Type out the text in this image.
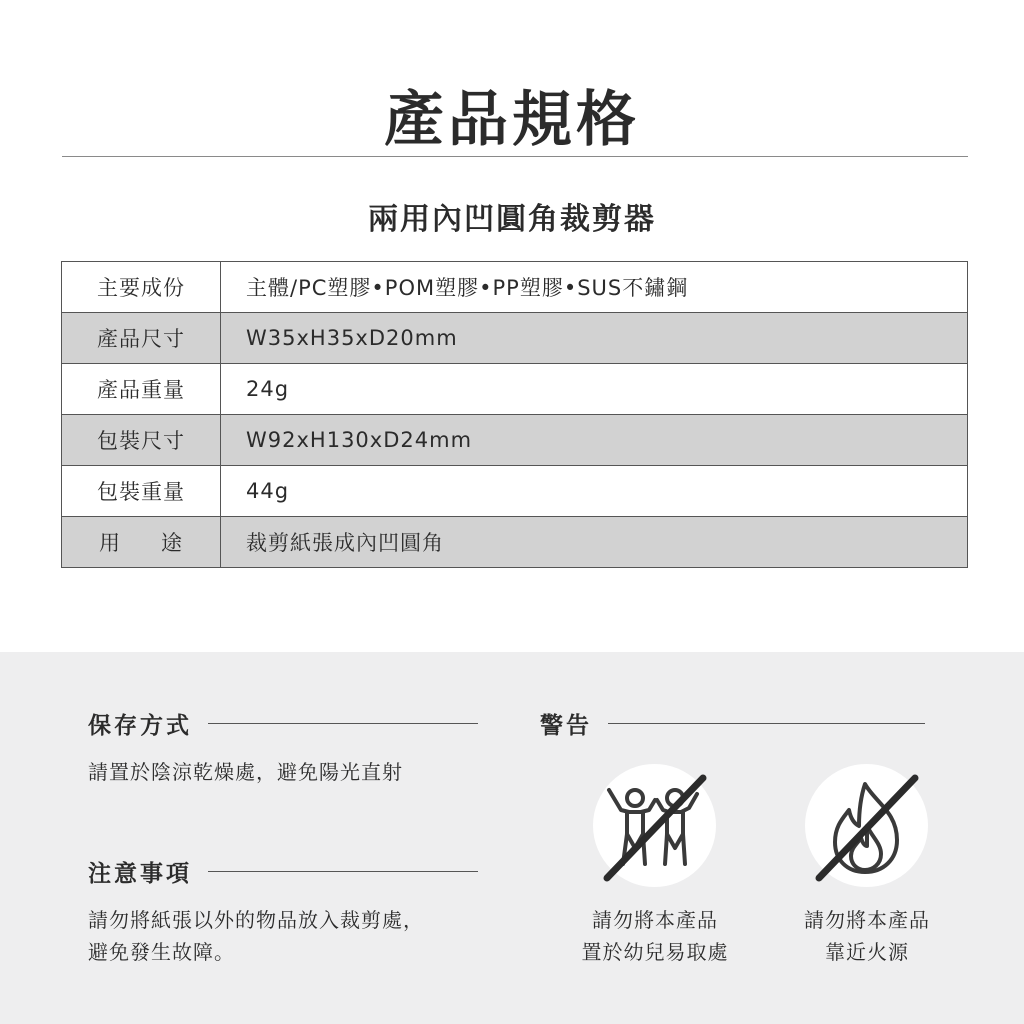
產品規格
兩用內凹圓角裁剪器
主要成份	主體/PC塑膠•POM塑膠•PP塑膠•SUS不鏽鋼
產品尺寸	W35xH35xD20mm
產品重量	24g
包裝尺寸	W92xH130xD24mm
包裝重量	44g
用 途	裁剪紙張成內凹圓角
保存方式
請置於陰涼乾燥處，避免陽光直射
注意事項
請勿將紙張以外的物品放入裁剪處，
避免發生故障。
警告
請勿將本產品
置於幼兒易取處
請勿將本產品
靠近火源
